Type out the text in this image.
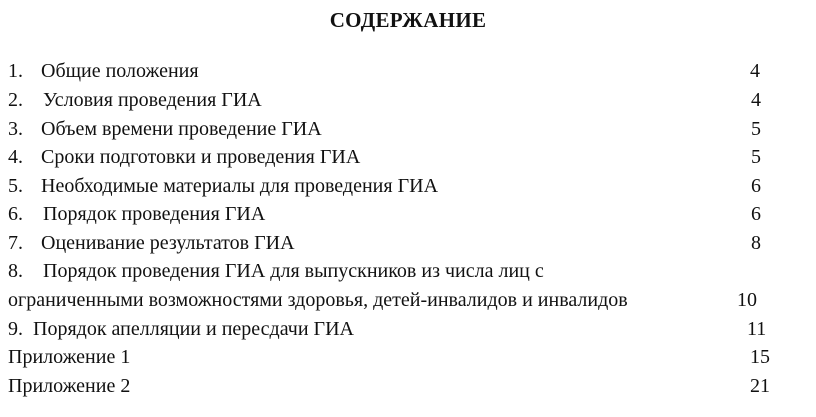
СОДЕРЖАНИЕ
1. Общие положения	4
2. Условия проведения ГИА	4
3. Объем времени проведение ГИА	5
4. Сроки подготовки и проведения ГИА	5
5. Необходимые материалы для проведения ГИА	6
6. Порядок проведения ГИА	6
7. Оценивание результатов ГИА	8
8. Порядок проведения ГИА для выпускников из числа лиц с
ограниченными возможностями здоровья, детей-инвалидов и инвалидов	10
9. Порядок апелляции и пересдачи ГИА	11
Приложение 1	15
Приложение 2	21
